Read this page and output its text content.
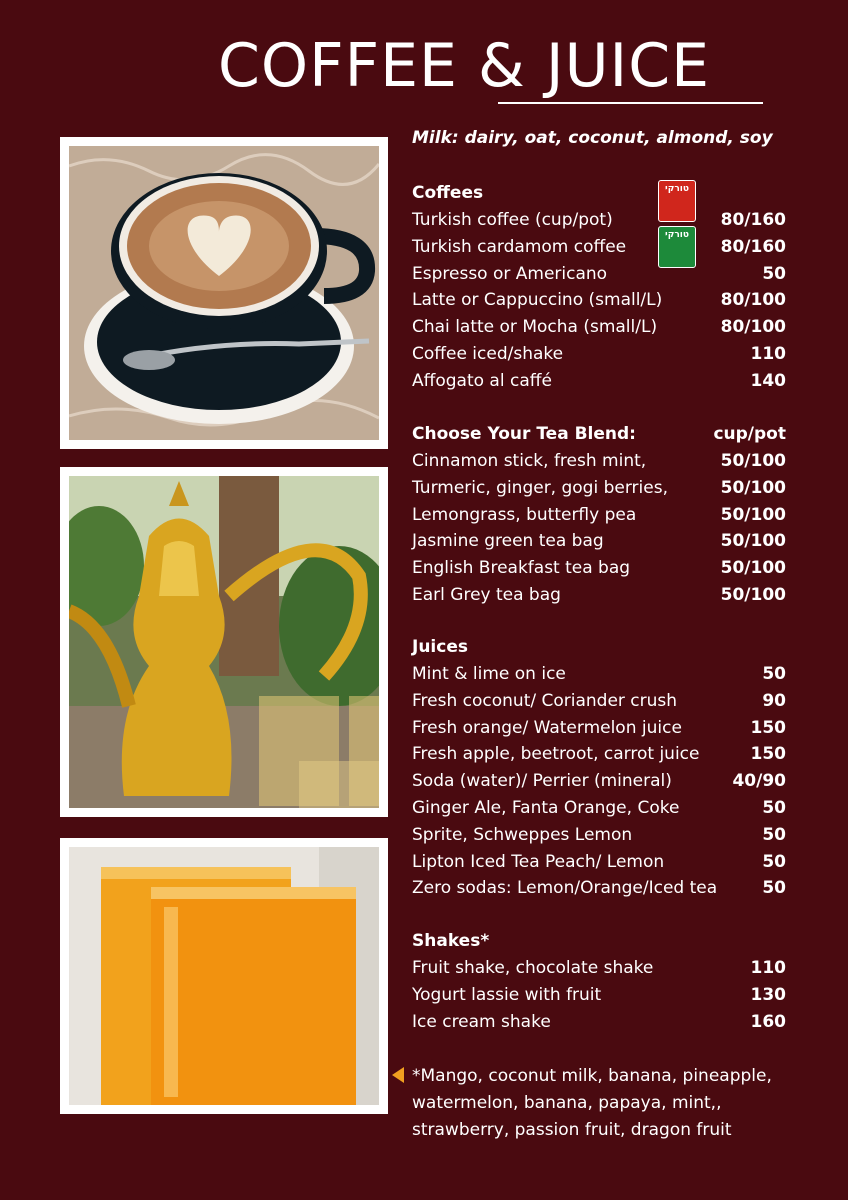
COFFEE & JUICE
טורקי
טורקי
Milk: dairy, oat, coconut, almond, soy
Coffees
Turkish coffee (cup/pot)	80/160
Turkish cardamom coffee	80/160
Espresso or Americano	50
Latte or Cappuccino (small/L)	80/100
Chai latte or Mocha (small/L)	80/100
Coffee iced/shake	110
Affogato al caffé	140
Choose Your Tea Blend:	cup/pot
Cinnamon stick, fresh mint,	50/100
Turmeric, ginger, gogi berries,	50/100
Lemongrass, butterfly pea	50/100
Jasmine green tea bag	50/100
English Breakfast tea bag	50/100
Earl Grey tea bag	50/100
Juices
Mint & lime on ice	50
Fresh coconut/ Coriander crush	90
Fresh orange/ Watermelon juice	150
Fresh apple, beetroot, carrot juice	150
Soda (water)/ Perrier (mineral)	40/90
Ginger Ale, Fanta Orange, Coke	50
Sprite, Schweppes Lemon	50
Lipton Iced Tea Peach/ Lemon	50
Zero sodas: Lemon/Orange/Iced tea	50
Shakes*
Fruit shake, chocolate shake	110
Yogurt lassie with fruit	130
Ice cream shake	160
*Mango, coconut milk, banana, pineapple, watermelon, banana, papaya, mint,, strawberry, passion fruit, dragon fruit
